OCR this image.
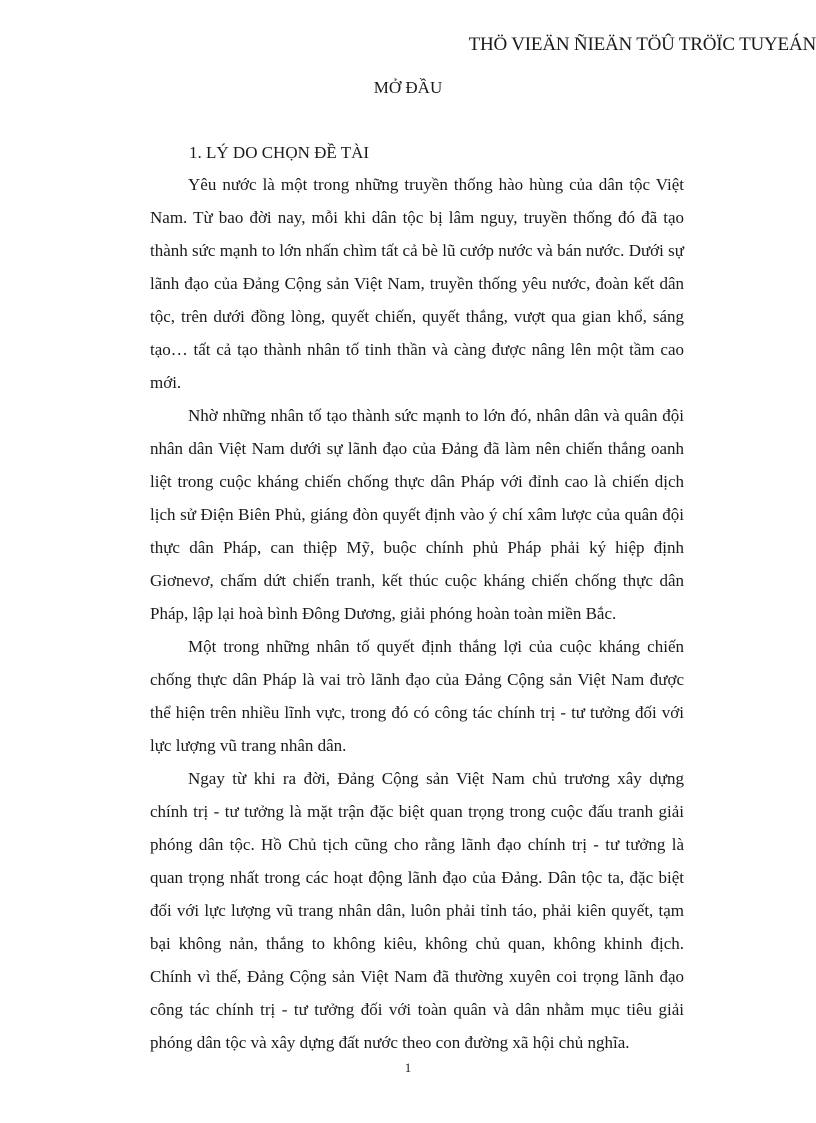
THÖ VIEÄN ÑIEÄN TÖÛ TRÖÏC TUYEÁN
MỞ ĐẦU
1. LÝ DO CHỌN ĐỀ TÀI

Yêu nước là một trong những truyền thống hào hùng của dân tộc Việt Nam. Từ bao đời nay, mỗi khi dân tộc bị lâm nguy, truyền thống đó đã tạo thành sức mạnh to lớn nhấn chìm tất cả bè lũ cướp nước và bán nước. Dưới sự lãnh đạo của Đảng Cộng sản Việt Nam, truyền thống yêu nước, đoàn kết dân tộc, trên dưới đồng lòng, quyết chiến, quyết thắng, vượt qua gian khổ, sáng tạo… tất cả tạo thành nhân tố tinh thần và càng được nâng lên một tầm cao mới.

Nhờ những nhân tố tạo thành sức mạnh to lớn đó, nhân dân và quân đội nhân dân Việt Nam dưới sự lãnh đạo của Đảng đã làm nên chiến thắng oanh liệt trong cuộc kháng chiến chống thực dân Pháp với đỉnh cao là chiến dịch lịch sử Điện Biên Phủ, giáng đòn quyết định vào ý chí xâm lược của quân đội thực dân Pháp, can thiệp Mỹ, buộc chính phủ Pháp phải ký hiệp định Giơnevơ, chấm dứt chiến tranh, kết thúc cuộc kháng chiến chống thực dân Pháp, lập lại hoà bình Đông Dương, giải phóng hoàn toàn miền Bắc.

Một trong những nhân tố quyết định thắng lợi của cuộc kháng chiến chống thực dân Pháp là vai trò lãnh đạo của Đảng Cộng sản Việt Nam được thể hiện trên nhiều lĩnh vực, trong đó có công tác chính trị - tư tưởng đối với lực lượng vũ trang nhân dân.

Ngay từ khi ra đời, Đảng Cộng sản Việt Nam chủ trương xây dựng chính trị - tư tưởng là mặt trận đặc biệt quan trọng trong cuộc đấu tranh giải phóng dân tộc. Hồ Chủ tịch cũng cho rằng lãnh đạo chính trị - tư tưởng là quan trọng nhất trong các hoạt động lãnh đạo của Đảng. Dân tộc ta, đặc biệt đối với lực lượng vũ trang nhân dân, luôn phải tỉnh táo, phải kiên quyết, tạm bại không nản, thắng to không kiêu, không chủ quan, không khinh địch. Chính vì thế, Đảng Cộng sản Việt Nam đã thường xuyên coi trọng lãnh đạo công tác chính trị - tư tưởng đối với toàn quân và dân nhằm mục tiêu giải phóng dân tộc và xây dựng đất nước theo con đường xã hội chủ nghĩa.

1
